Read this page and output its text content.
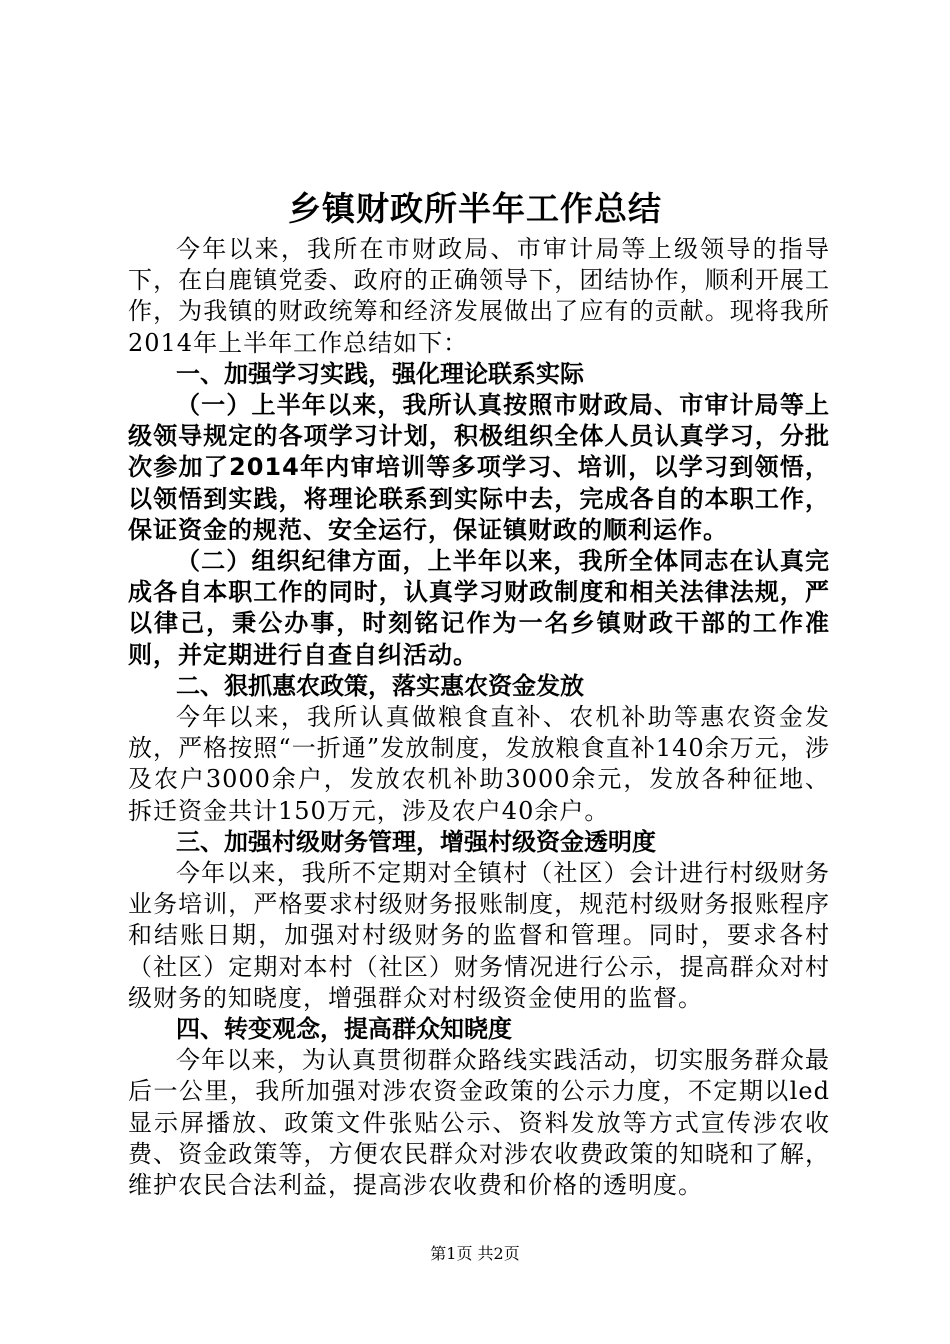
乡镇财政所半年工作总结

今年以来，我所在市财政局、市审计局等上级领导的指导下，在白鹿镇党委、政府的正确领导下，团结协作，顺利开展工作，为我镇的财政统筹和经济发展做出了应有的贡献。现将我所2014年上半年工作总结如下：

一、加强学习实践，强化理论联系实际

（一）上半年以来，我所认真按照市财政局、市审计局等上级领导规定的各项学习计划，积极组织全体人员认真学习，分批次参加了2014年内审培训等多项学习、培训，以学习到领悟，以领悟到实践，将理论联系到实际中去，完成各自的本职工作，保证资金的规范、安全运行，保证镇财政的顺利运作。

（二）组织纪律方面，上半年以来，我所全体同志在认真完成各自本职工作的同时，认真学习财政制度和相关法律法规，严以律己，秉公办事，时刻铭记作为一名乡镇财政干部的工作准则，并定期进行自查自纠活动。

二、狠抓惠农政策，落实惠农资金发放

今年以来，我所认真做粮食直补、农机补助等惠农资金发放，严格按照“一折通”发放制度，发放粮食直补140余万元，涉及农户3000余户，发放农机补助3000余元，发放各种征地、拆迁资金共计150万元，涉及农户40余户。

三、加强村级财务管理，增强村级资金透明度

今年以来，我所不定期对全镇村（社区）会计进行村级财务业务培训，严格要求村级财务报账制度，规范村级财务报账程序和结账日期，加强对村级财务的监督和管理。同时，要求各村（社区）定期对本村（社区）财务情况进行公示，提高群众对村级财务的知晓度，增强群众对村级资金使用的监督。

四、转变观念，提高群众知晓度

今年以来，为认真贯彻群众路线实践活动，切实服务群众最后一公里，我所加强对涉农资金政策的公示力度，不定期以led显示屏播放、政策文件张贴公示、资料发放等方式宣传涉农收费、资金政策等，方便农民群众对涉农收费政策的知晓和了解，维护农民合法利益，提高涉农收费和价格的透明度。

第1页 共2页
